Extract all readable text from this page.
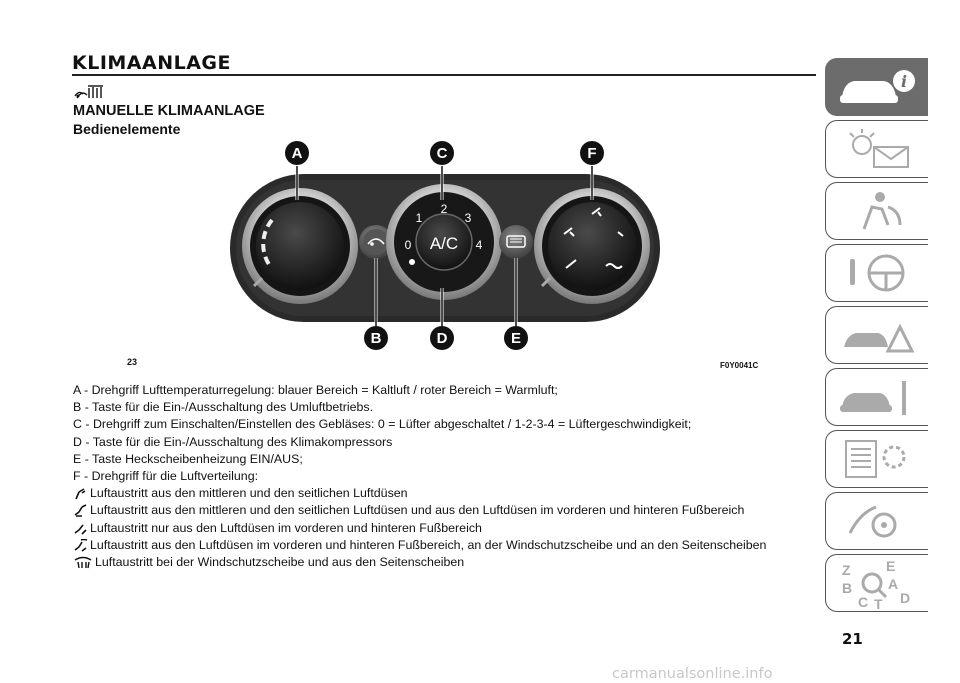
KLIMAANLAGE
MANUELLE KLIMAANLAGE
Bedienelemente
A/C
0
1
2
3
4
A	C	F
B	D	E
23	F0Y0041C
A - Drehgriff Lufttemperaturregelung: blauer Bereich = Kaltluft / roter Bereich = Warmluft;
B - Taste für die Ein-/Ausschaltung des Umluftbetriebs.
C - Drehgriff zum Einschalten/Einstellen des Gebläses: 0 = Lüfter abgeschaltet / 1-2-3-4 = Lüftergeschwindigkeit;
D - Taste für die Ein-/Ausschaltung des Klimakompressors
E - Taste Heckscheibenheizung EIN/AUS;
F - Drehgriff für die Luftverteilung:
Luftaustritt aus den mittleren und den seitlichen Luftdüsen
Luftaustritt aus den mittleren und den seitlichen Luftdüsen und aus den Luftdüsen im vorderen und hinteren Fußbereich
Luftaustritt nur aus den Luftdüsen im vorderen und hinteren Fußbereich
Luftaustritt aus den Luftdüsen im vorderen und hinteren Fußbereich, an der Windschutzscheibe und an den Seitenscheiben
Luftaustritt bei der Windschutzscheibe und aus den Seitenscheiben
i
Z	E
B	A
D
C T
21
carmanualsonline.info
